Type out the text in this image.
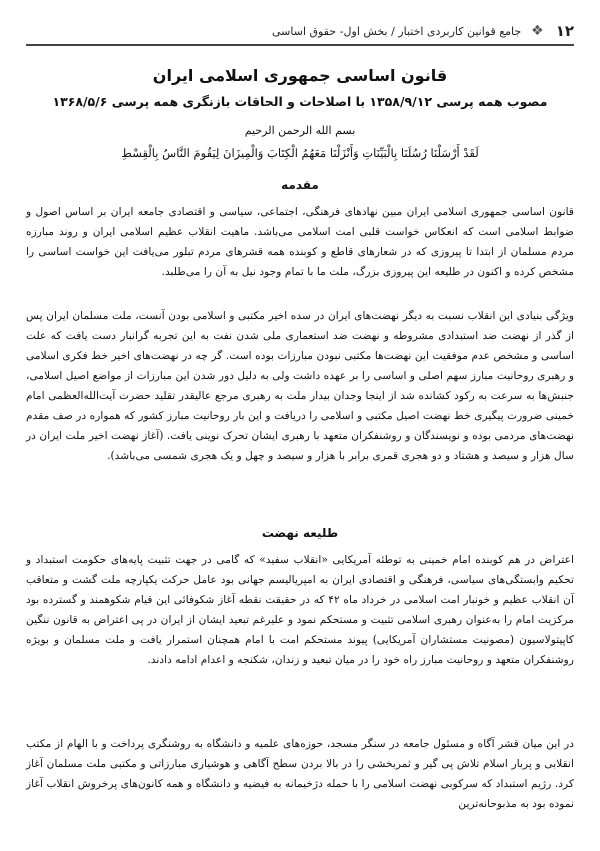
۱۲
❖
جامع قوانین کاربردی اختبار / بخش اول- حقوق اساسی
قانون اساسی جمهوری اسلامی ایران
مصوب همه پرسی ۱۳۵۸/۹/۱۲ با اصلاحات و الحاقات بازنگری همه پرسی ۱۳۶۸/۵/۶
بسم الله الرحمن الرحیم
لَقَدْ أَرْسَلْنَا رُسُلَنَا بِالْبَيِّنَاتِ وَأَنْزَلْنَا مَعَهُمُ الْكِتَابَ وَالْمِيزَانَ لِيَقُومَ النَّاسُ بِالْقِسْطِ
مقدمه
قانون اساسی جمهوری اسلامی ایران مبین نهادهای فرهنگی، اجتماعی، سیاسی و اقتصادی جامعه ایران بر اساس اصول و ضوابط اسلامی است که انعکاس خواست قلبی امت اسلامی می‌باشد. ماهیت انقلاب عظیم اسلامی ایران و روند مبارزه مردم مسلمان از ابتدا تا پیروزی که در شعارهای قاطع و کوبنده همه قشرهای مردم تبلور می‌یافت این خواست اساسی را مشخص کرده و اکنون در طلیعه این پیروزی بزرگ، ملت ما با تمام وجود نیل به آن را می‌طلبد.
ویژگی بنیادی این انقلاب نسبت به دیگر نهضت‌های ایران در سده اخیر مکتبی و اسلامی بودن آنست، ملت مسلمان ایران پس از گذر از نهضت ضد استبدادی مشروطه و نهضت ضد استعماری ملی شدن نفت به این تجربه گرانبار دست یافت که علت اساسی و مشخص عدم موفقیت این نهضت‌ها مکتبی نبودن مبارزات بوده است. گر چه در نهضت‌های اخیر خط فکری اسلامی و رهبری روحانیت مبارز سهم اصلی و اساسی را بر عهده داشت ولی به دلیل دور شدن این مبارزات از مواضع اصیل اسلامی، جنبش‌ها به سرعت به رکود کشانده شد از اینجا وجدان بیدار ملت به رهبری مرجع عالیقدر تقلید حضرت آیت‌الله‌العظمی امام خمینی ضرورت پیگیری خط نهضت اصیل مکتبی و اسلامی را دریافت و این بار روحانیت مبارز کشور که همواره در صف مقدم نهضت‌های مردمی بوده و نویسندگان و روشنفکران متعهد با رهبری ایشان تحرک نوینی یافت. (آغاز نهضت اخیر ملت ایران در سال هزار و سیصد و هشتاد و دو هجری قمری برابر با هزار و سیصد و چهل و یک هجری شمسی می‌باشد).
طلیعه نهضت
اعتراض در هم کوبنده امام خمینی به توطئه آمریکایی «انقلاب سفید» که گامی در جهت تثبیت پایه‌های حکومت استبداد و تحکیم وابستگی‌های سیاسی، فرهنگی و اقتصادی ایران به امپریالیسم جهانی بود عامل حرکت یکپارچه ملت گشت و متعاقب آن انقلاب عظیم و خونبار امت اسلامی در خرداد ماه ۴۲ که در حقیقت نقطه آغاز شکوفائی این قیام شکوهمند و گسترده بود مرکزیت امام را به‌عنوان رهبری اسلامی تثبیت و مستحکم نمود و علیرغم تبعید ایشان از ایران در پی اعتراض به قانون ننگین کاپیتولاسیون (مصونیت مستشاران آمریکایی) پیوند مستحکم امت با امام همچنان استمرار یافت و ملت مسلمان و بویژه روشنفکران متعهد و روحانیت مبارز راه خود را در میان تبعید و زندان، شکنجه و اعدام ادامه دادند.
در این میان قشر آگاه و مسئول جامعه در سنگر مسجد، حوزه‌های علمیه و دانشگاه به روشنگری پرداخت و با الهام از مکتب انقلابی و پربار اسلام تلاش پی گیر و ثمربخشی را در بالا بردن سطح آگاهی و هوشیاری مبارزاتی و مکتبی ملت مسلمان آغاز کرد. رژیم استبداد که سرکوبی نهضت اسلامی را با حمله دژخیمانه به فیضیه و دانشگاه و همه کانون‌های پرخروش انقلاب آغاز نموده بود به مذبوحانه‌ترین
